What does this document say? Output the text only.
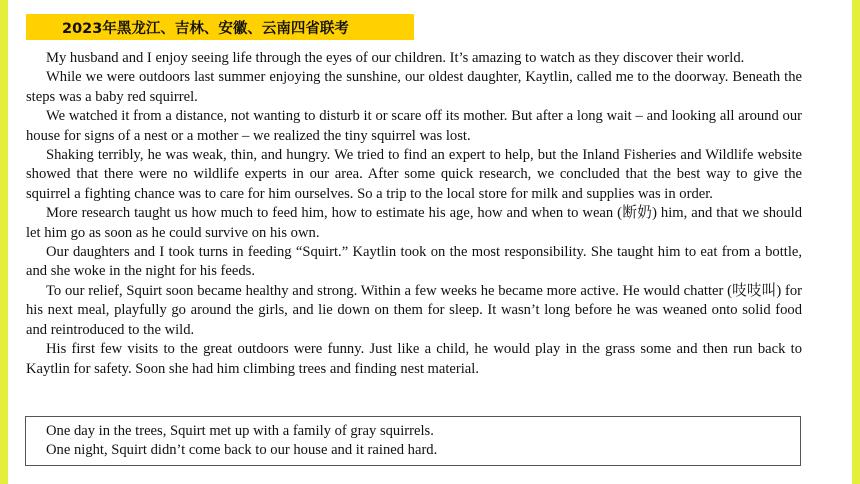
2023年黑龙江、吉林、安徽、云南四省联考

My husband and I enjoy seeing life through the eyes of our children. It’s amazing to watch as they discover their world.

While we were outdoors last summer enjoying the sunshine, our oldest daughter, Kaytlin, called me to the doorway. Beneath the steps was a baby red squirrel.

We watched it from a distance, not wanting to disturb it or scare off its mother. But after a long wait – and looking all around our house for signs of a nest or a mother – we realized the tiny squirrel was lost.

Shaking terribly, he was weak, thin, and hungry. We tried to find an expert to help, but the Inland Fisheries and Wildlife website showed that there were no wildlife experts in our area. After some quick research, we concluded that the best way to give the squirrel a fighting chance was to care for him ourselves. So a trip to the local store for milk and supplies was in order.

More research taught us how much to feed him, how to estimate his age, how and when to wean (断奶) him, and that we should let him go as soon as he could survive on his own.

Our daughters and I took turns in feeding “Squirt.” Kaytlin took on the most responsibility. She taught him to eat from a bottle, and she woke in the night for his feeds.

To our relief, Squirt soon became healthy and strong. Within a few weeks he became more active. He would chatter (吱吱叫) for his next meal, playfully go around the girls, and lie down on them for sleep. It wasn’t long before he was weaned onto solid food and reintroduced to the wild.

His first few visits to the great outdoors were funny. Just like a child, he would play in the grass some and then run back to Kaytlin for safety. Soon she had him climbing trees and finding nest material.

One day in the trees, Squirt met up with a family of gray squirrels.
One night, Squirt didn’t come back to our house and it rained hard.
